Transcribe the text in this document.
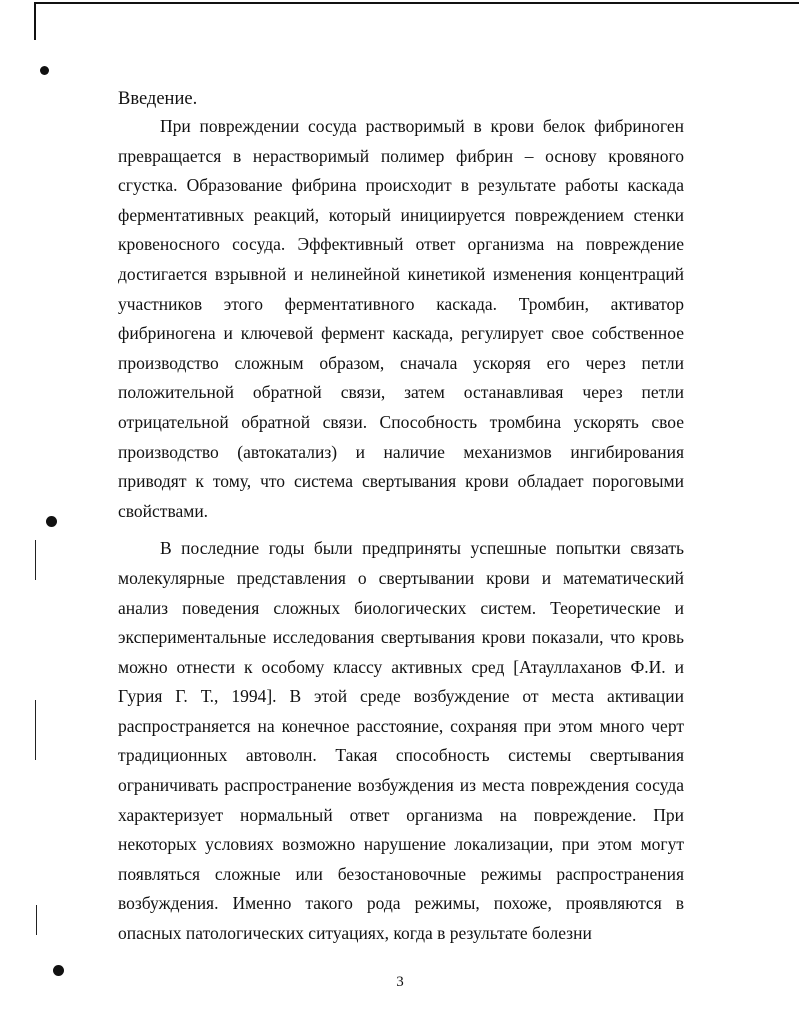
Введение.

При повреждении сосуда растворимый в крови белок фибриноген превращается в нерастворимый полимер фибрин – основу кровяного сгустка. Образование фибрина происходит в результате работы каскада ферментативных реакций, который инициируется повреждением стенки кровеносного сосуда. Эффективный ответ организма на повреждение достигается взрывной и нелинейной кинетикой изменения концентраций участников этого ферментативного каскада. Тромбин, активатор фибриногена и ключевой фермент каскада, регулирует свое собственное производство сложным образом, сначала ускоряя его через петли положительной обратной связи, затем останавливая через петли отрицательной обратной связи. Способность тромбина ускорять свое производство (автокатализ) и наличие механизмов ингибирования приводят к тому, что система свертывания крови обладает пороговыми свойствами.

В последние годы были предприняты успешные попытки связать молекулярные представления о свертывании крови и математический анализ поведения сложных биологических систем. Теоретические и экспериментальные исследования свертывания крови показали, что кровь можно отнести к особому классу активных сред [Атауллаханов Ф.И. и Гурия Г. Т., 1994]. В этой среде возбуждение от места активации распространяется на конечное расстояние, сохраняя при этом много черт традиционных автоволн. Такая способность системы свертывания ограничивать распространение возбуждения из места повреждения сосуда характеризует нормальный ответ организма на повреждение. При некоторых условиях возможно нарушение локализации, при этом могут появляться сложные или безостановочные режимы распространения возбуждения. Именно такого рода режимы, похоже, проявляются в опасных патологических ситуациях, когда в результате болезни

3
